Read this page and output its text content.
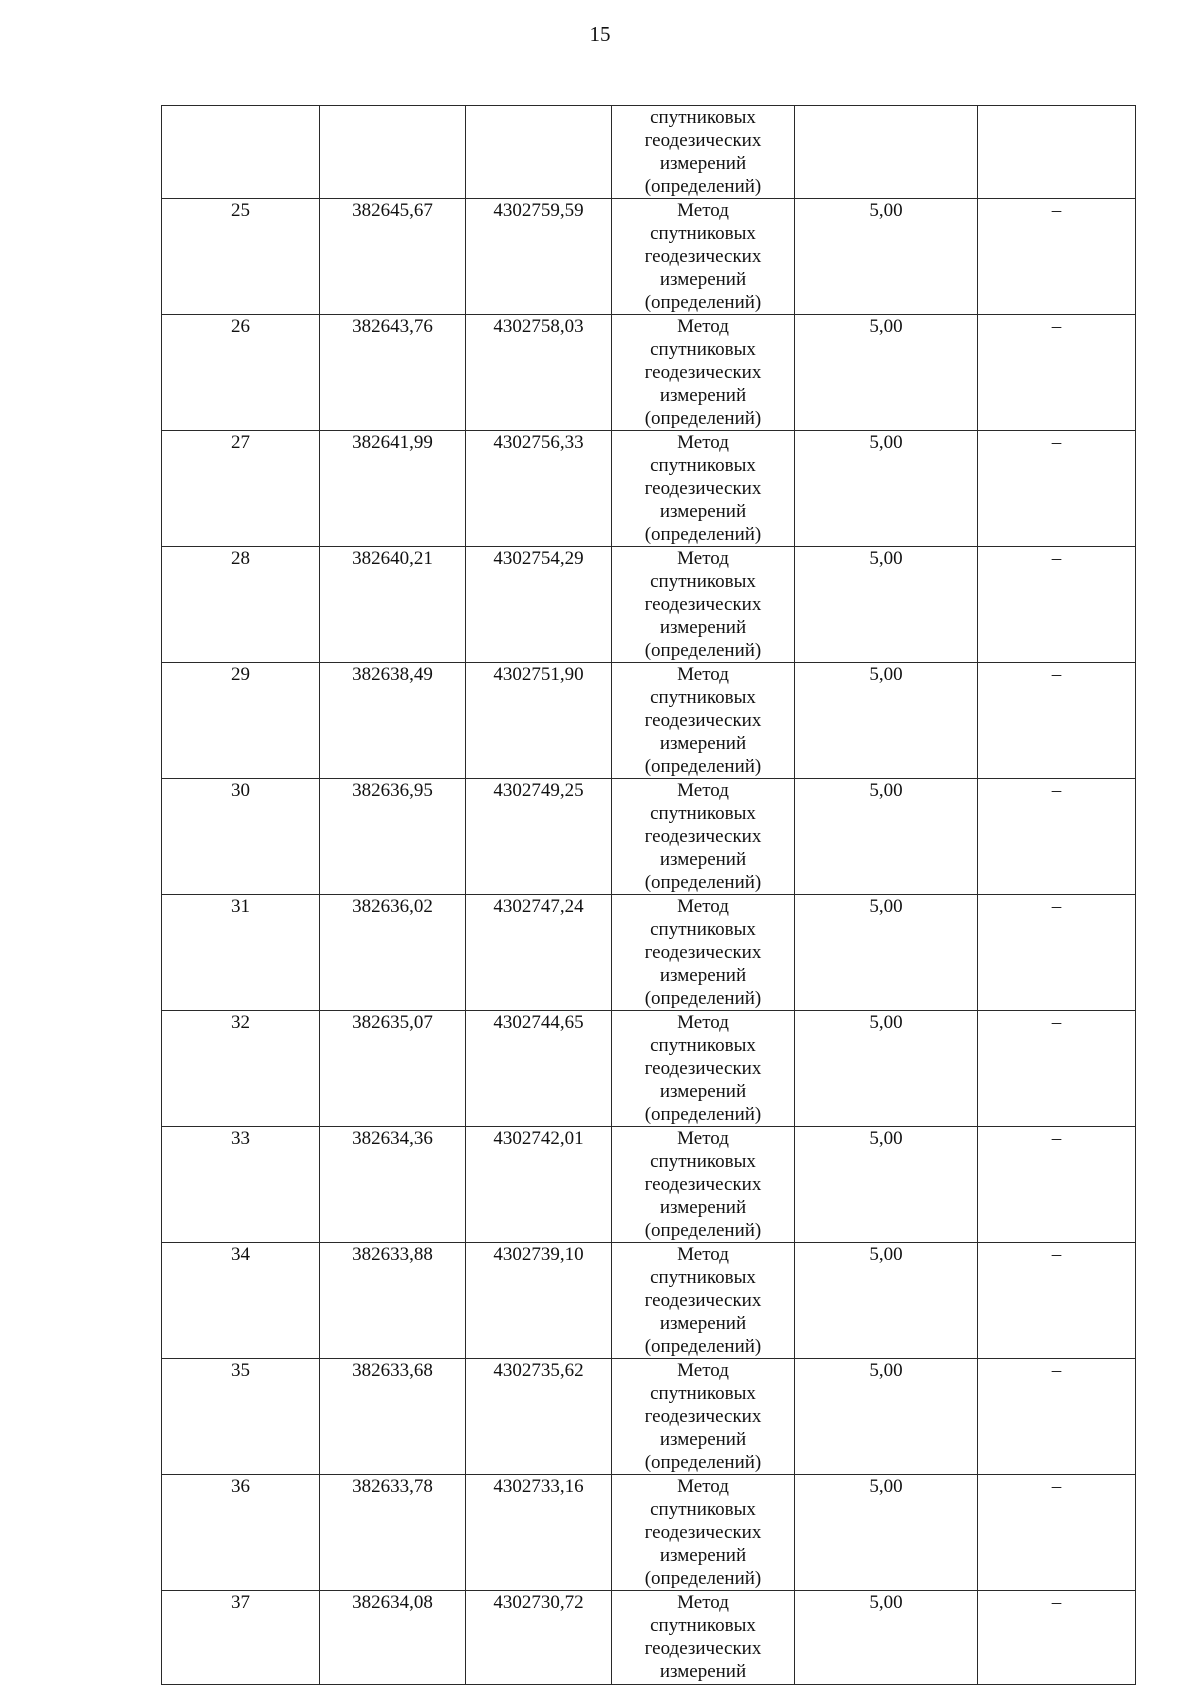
15

			спутниковых
геодезических
измерений
(определений)		

25	382645,67	4302759,59	Метод
спутниковых
геодезических
измерений
(определений)	5,00	–
26	382643,76	4302758,03	Метод
спутниковых
геодезических
измерений
(определений)	5,00	–
27	382641,99	4302756,33	Метод
спутниковых
геодезических
измерений
(определений)	5,00	–
28	382640,21	4302754,29	Метод
спутниковых
геодезических
измерений
(определений)	5,00	–
29	382638,49	4302751,90	Метод
спутниковых
геодезических
измерений
(определений)	5,00	–
30	382636,95	4302749,25	Метод
спутниковых
геодезических
измерений
(определений)	5,00	–
31	382636,02	4302747,24	Метод
спутниковых
геодезических
измерений
(определений)	5,00	–
32	382635,07	4302744,65	Метод
спутниковых
геодезических
измерений
(определений)	5,00	–
33	382634,36	4302742,01	Метод
спутниковых
геодезических
измерений
(определений)	5,00	–
34	382633,88	4302739,10	Метод
спутниковых
геодезических
измерений
(определений)	5,00	–
35	382633,68	4302735,62	Метод
спутниковых
геодезических
измерений
(определений)	5,00	–
36	382633,78	4302733,16	Метод
спутниковых
геодезических
измерений
(определений)	5,00	–
37	382634,08	4302730,72	Метод
спутниковых
геодезических
измерений	5,00	–
